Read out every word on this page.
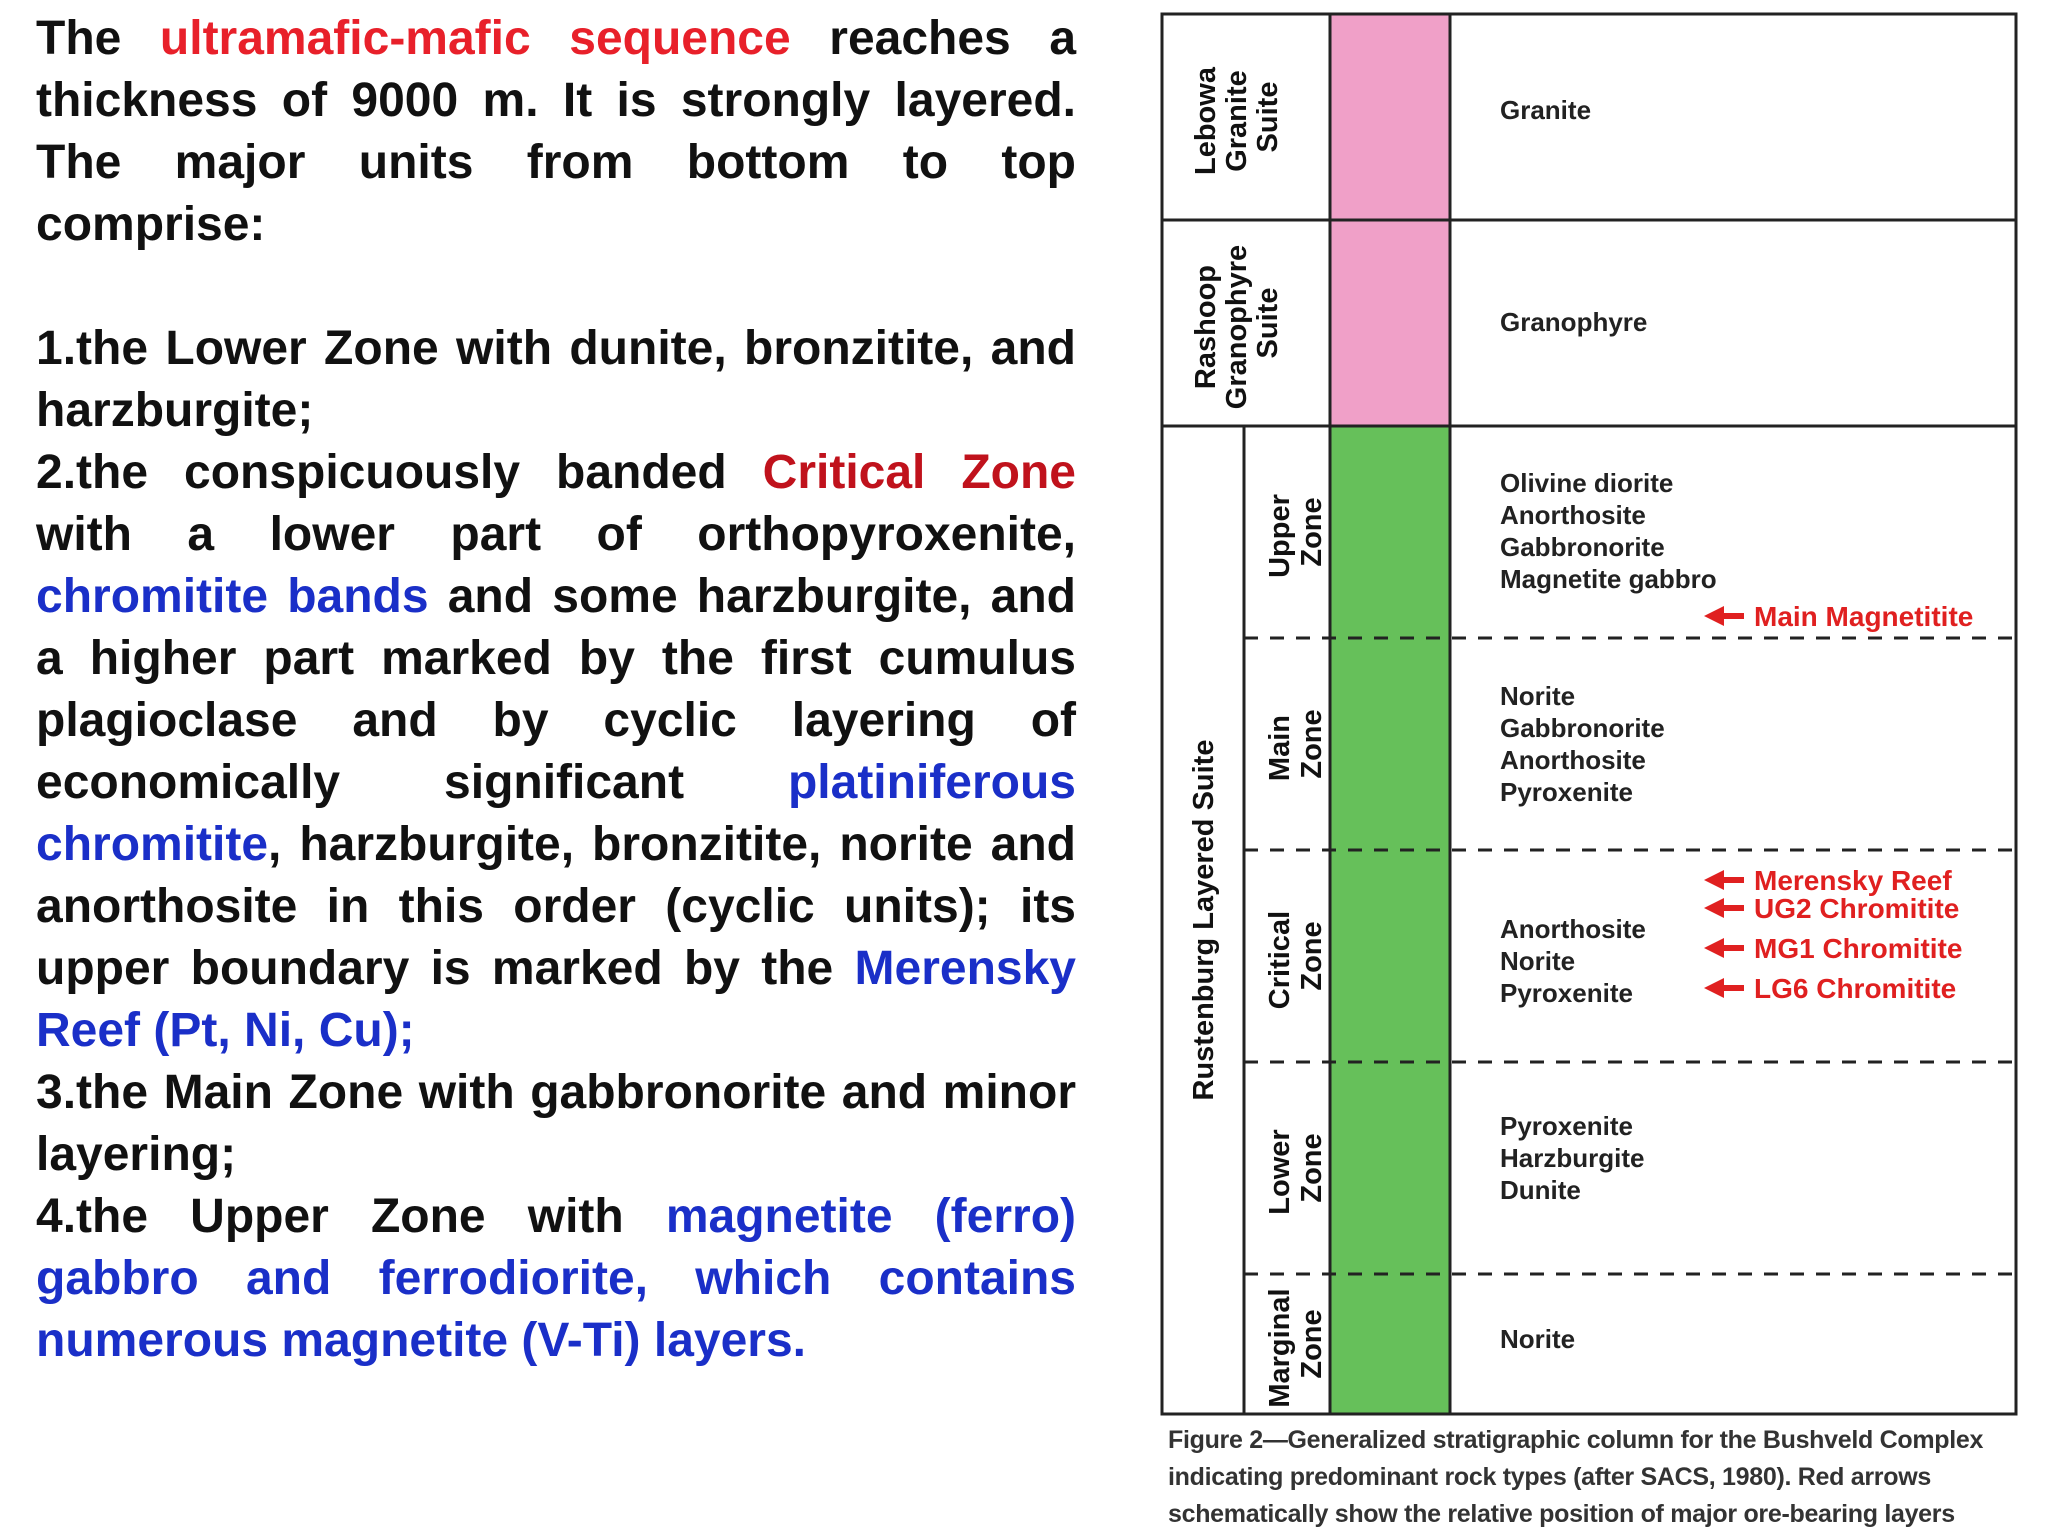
The ultramafic-mafic sequence reaches a thickness of 9000 m. It is strongly layered. The major units from bottom to top comprise:

1.the Lower Zone with dunite, bronzitite, and harzburgite;

2.the conspicuously banded Critical Zone with a lower part of orthopyroxenite, chromitite bands and some harzburgite, and a higher part marked by the first cumulus plagioclase and by cyclic layering of economically significant platiniferous chromitite, harzburgite, bronzitite, norite and anorthosite in this order (cyclic units); its upper boundary is marked by the Merensky Reef (Pt, Ni, Cu);

3.the Main Zone with gabbronorite and minor layering;

4.the Upper Zone with magnetite (ferro) gabbro and ferrodiorite, which contains numerous magnetite (V-Ti) layers.

Lebowa Granite Suite
Rashoop Granophyre Suite
Rustenburg Layered Suite
Upper Zone
Main Zone
Critical Zone
Lower Zone
Marginal Zone
Granite
Granophyre
Olivine diorite Anorthosite Gabbronorite Magnetite gabbro
Norite Gabbronorite Anorthosite Pyroxenite
Anorthosite Norite Pyroxenite
Pyroxenite Harzburgite Dunite
Norite
Main Magnetitite
Merensky Reef
UG2 Chromitite
MG1 Chromitite
LG6 Chromitite
Figure 2—Generalized stratigraphic column for the Bushveld Complex
indicating predominant rock types (after SACS, 1980). Red arrows
schematically show the relative position of major ore-bearing layers
